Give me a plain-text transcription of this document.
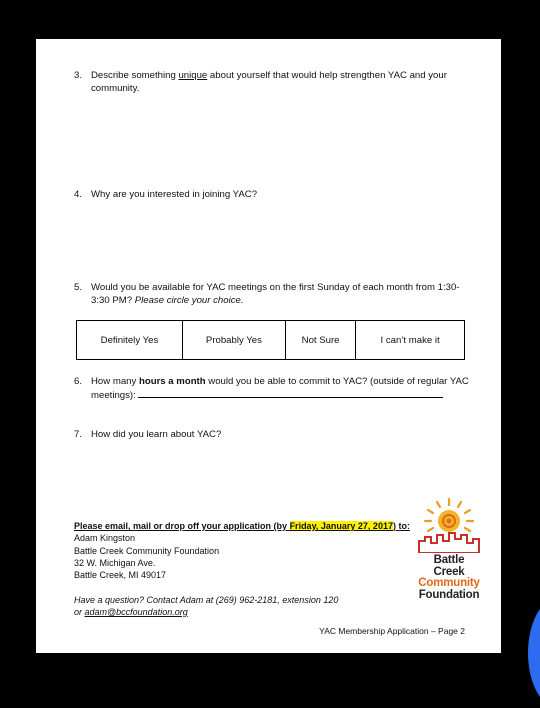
3. Describe something unique about yourself that would help strengthen YAC and your community.
4. Why are you interested in joining YAC?
5. Would you be available for YAC meetings on the first Sunday of each month from 1:30-3:30 PM? Please circle your choice.
Definitely Yes	Probably Yes	Not Sure	I can’t make it
6. How many hours a month would you be able to commit to YAC? (outside of regular YAC meetings):
7. How did you learn about YAC?
Please email, mail or drop off your application (by Friday, January 27, 2017) to:
Adam Kingston
Battle Creek Community Foundation
32 W. Michigan Ave.
Battle Creek, MI 49017
Have a question? Contact Adam at (269) 962-2181, extension 120
or adam@bccfoundation.org
Battle Creek
Community
Foundation
YAC Membership Application – Page 2
